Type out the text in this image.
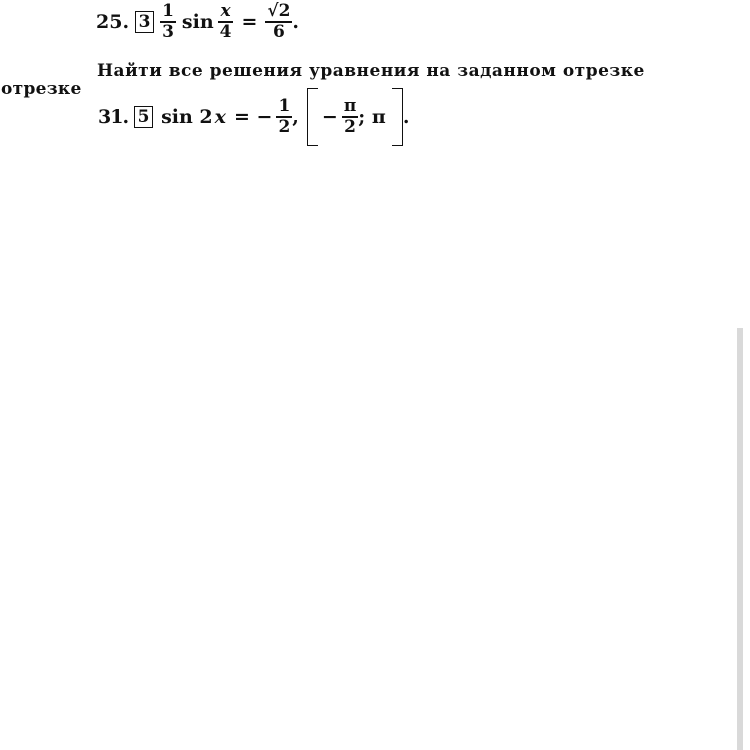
25. $3 \frac{1}{3}$ $\sin \frac{x}{4} = \frac{√2}{6}$ .
Найти все решения уравнения на заданном отрезке
отрезке
31. 5 sin 2 x = − $\frac{1}{2}$ , − $\frac{\pi}{2}$ ; π .
